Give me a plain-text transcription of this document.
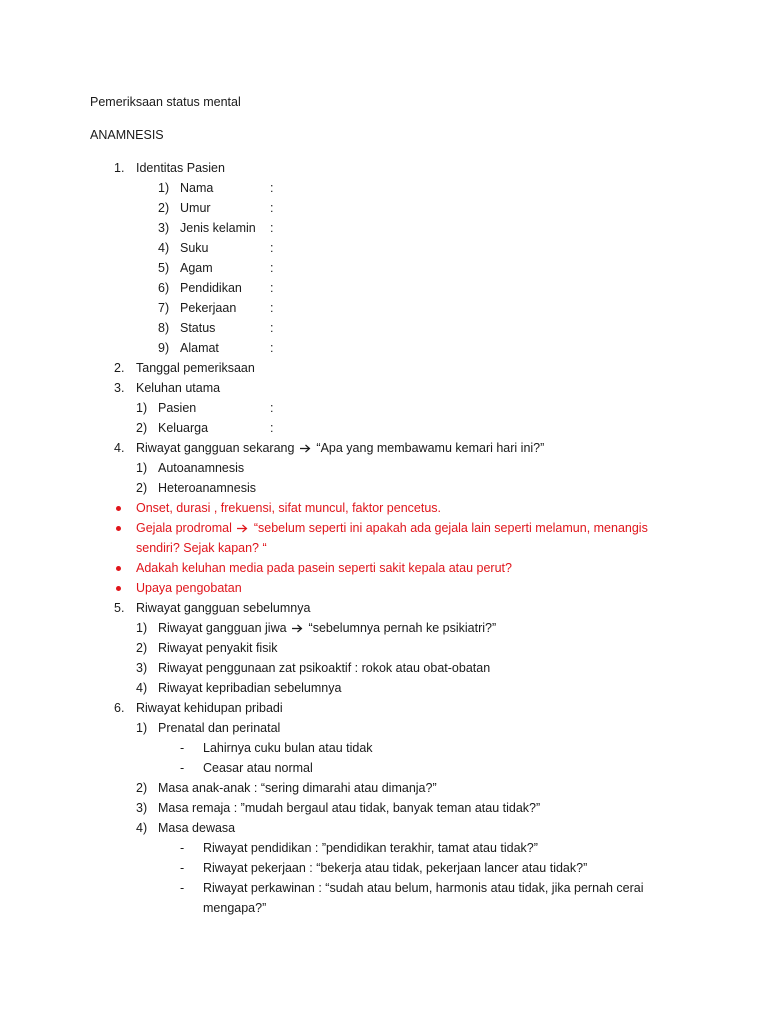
Pemeriksaan status mental
ANAMNESIS
1. Identitas Pasien
1) Nama	:
2) Umur	:
3) Jenis kelamin :
4) Suku	:
5) Agam	:
6) Pendidikan :
7) Pekerjaan	:
8) Status	:
9) Alamat	:
2. Tanggal pemeriksaan
3. Keluhan utama
1) Pasien	:
2) Keluarga	:
4. Riwayat gangguan sekarang “Apa yang membawamu kemari hari ini?”
1) Autoanamnesis
2) Heteroanamnesis
Onset, durasi , frekuensi, sifat muncul, faktor pencetus.
Gejala prodromal “sebelum seperti ini apakah ada gejala lain seperti melamun, menangis
sendiri? Sejak kapan? “
Adakah keluhan media pada pasein seperti sakit kepala atau perut?
Upaya pengobatan
5. Riwayat gangguan sebelumnya
1) Riwayat gangguan jiwa “sebelumnya pernah ke psikiatri?”
2) Riwayat penyakit fisik
3) Riwayat penggunaan zat psikoaktif : rokok atau obat-obatan
4) Riwayat kepribadian sebelumnya
6. Riwayat kehidupan pribadi
1) Prenatal dan perinatal
- Lahirnya cuku bulan atau tidak
- Ceasar atau normal
2) Masa anak-anak : “sering dimarahi atau dimanja?”
3) Masa remaja : ”mudah bergaul atau tidak, banyak teman atau tidak?”
4) Masa dewasa
- Riwayat pendidikan : ”pendidikan terakhir, tamat atau tidak?”
- Riwayat pekerjaan : “bekerja atau tidak, pekerjaan lancer atau tidak?”
- Riwayat perkawinan : “sudah atau belum, harmonis atau tidak, jika pernah cerai
mengapa?”
